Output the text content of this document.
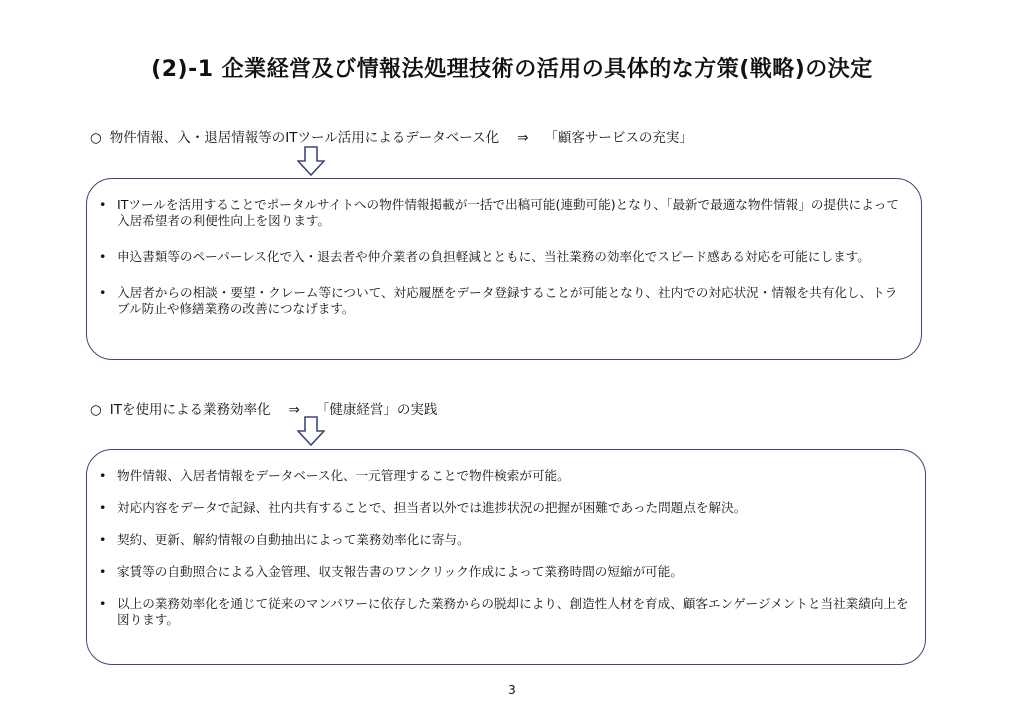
(2)-1 企業経営及び情報法処理技術の活用の具体的な方策(戦略)の決定
○ 物件情報、入・退居情報等のITツール活用によるデータベース化 ⇒ 「顧客サービスの充実」
• ITツールを活用することでポータルサイトへの物件情報掲載が一括で出稿可能(連動可能)となり、「最新で最適な物件情報」の提供によって入居希望者の利便性向上を図ります。
• 申込書類等のペーパーレス化で入・退去者や仲介業者の負担軽減とともに、当社業務の効率化でスピード感ある対応を可能にします。
• 入居者からの相談・要望・クレーム等について、対応履歴をデータ登録することが可能となり、社内での対応状況・情報を共有化し、トラブル防止や修繕業務の改善につなげます。
○ ITを使用による業務効率化 ⇒ 「健康経営」の実践
• 物件情報、入居者情報をデータベース化、一元管理することで物件検索が可能。
• 対応内容をデータで記録、社内共有することで、担当者以外では進捗状況の把握が困難であった問題点を解決。
• 契約、更新、解約情報の自動抽出によって業務効率化に寄与。
• 家賃等の自動照合による入金管理、収支報告書のワンクリック作成によって業務時間の短縮が可能。
• 以上の業務効率化を通じて従来のマンパワーに依存した業務からの脱却により、創造性人材を育成、顧客エンゲージメントと当社業績向上を図ります。
3
